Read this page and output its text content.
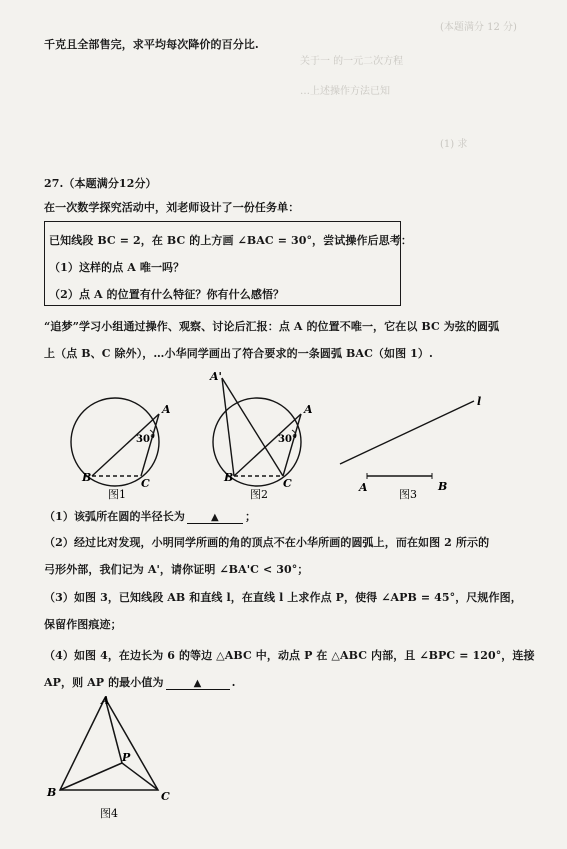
(本题满分 12 分)
关于一 的一元二次方程
…上述操作方法已知
(1) 求
千克且全部售完，求平均每次降价的百分比.
27.（本题满分12分）
在一次数学探究活动中，刘老师设计了一份任务单：
已知线段 BC = 2，在 BC 的上方画 ∠BAC = 30°，尝试操作后思考：
（1）这样的点 A 唯一吗？
（2）点 A 的位置有什么特征？你有什么感悟？
“追梦”学习小组通过操作、观察、讨论后汇报：点 A 的位置不唯一，它在以 BC 为弦的圆弧
上（点 B、C 除外），…小华同学画出了符合要求的一条圆弧 BAC（如图 1）.
A
B	C
30°
图1
A'
A
B	C
30°
图2
l
A	B
图3
（1）该弧所在圆的半径长为	▲ ；
（2）经过比对发现，小明同学所画的角的顶点不在小华所画的圆弧上，而在如图 2 所示的
弓形外部，我们记为 A'，请你证明 ∠BA'C < 30°；
（3）如图 3，已知线段 AB 和直线 l，在直线 l 上求作点 P，使得 ∠APB = 45°，尺规作图，
保留作图痕迹；
（4）如图 4，在边长为 6 的等边 △ABC 中，动点 P 在 △ABC 内部，且 ∠BPC = 120°，连接
AP，则 AP 的最小值为	▲	.
A
B	C
P
图4
